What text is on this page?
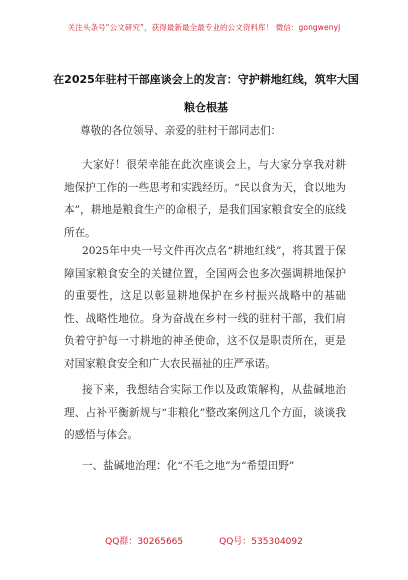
关注头条号“公文研究”，获得最新最全最专业的公文资料库！ 微信：gongwenyj
在2025年驻村干部座谈会上的发言：守护耕地红线，筑牢大国粮仓根基
尊敬的各位领导、亲爱的驻村干部同志们：
大家好！很荣幸能在此次座谈会上，与大家分享我对耕地保护工作的一些思考和实践经历。“民以食为天，食以地为本”，耕地是粮食生产的命根子，是我们国家粮食安全的底线所在。
2025年中央一号文件再次点名“耕地红线”，将其置于保障国家粮食安全的关键位置，全国两会也多次强调耕地保护的重要性，这足以彰显耕地保护在乡村振兴战略中的基础性、战略性地位。身为奋战在乡村一线的驻村干部，我们肩负着守护每一寸耕地的神圣使命，这不仅是职责所在，更是对国家粮食安全和广大农民福祉的庄严承诺。
接下来，我想结合实际工作以及政策解构，从盐碱地治理、占补平衡新规与“非粮化”整改案例这几个方面，谈谈我的感悟与体会。
一、盐碱地治理：化“不毛之地”为“希望田野”
QQ群：30265665	QQ号：535304092
